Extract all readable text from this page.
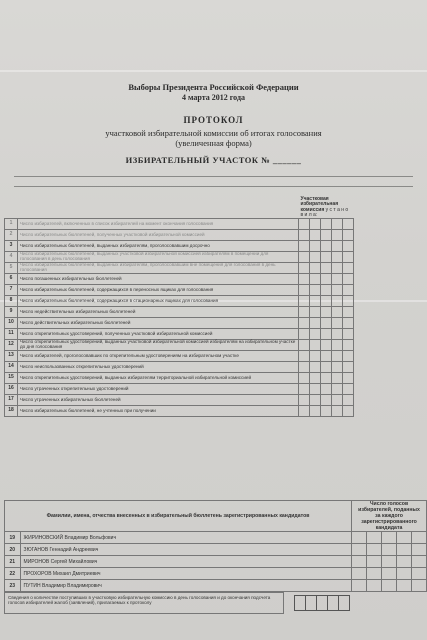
Выборы Президента Российской Федерации
4 марта 2012 года
ПРОТОКОЛ
участковой избирательной комиссии об итогах голосования
(увеличенная форма)
ИЗБИРАТЕЛЬНЫЙ УЧАСТОК № ______
		Участковая избирательная комиссия у с т а н о в и л а:				
1	Число избирателей, включенных в список избирателей на момент окончания голосования					
2	Число избирательных бюллетеней, полученных участковой избирательной комиссией					
3	Число избирательных бюллетеней, выданных избирателям, проголосовавшим досрочно					
4	Число избирательных бюллетеней, выданных участковой избирательной комиссией избирателям в помещении для голосования в день голосования					
5	Число избирательных бюллетеней, выданных избирателям, проголосовавшим вне помещения для голосования в день голосования					
6	Число погашенных избирательных бюллетеней					
7	Число избирательных бюллетеней, содержащихся в переносных ящиках для голосования					
8	Число избирательных бюллетеней, содержащихся в стационарных ящиках для голосования					
9	Число недействительных избирательных бюллетеней					
10	Число действительных избирательных бюллетеней					
11	Число открепительных удостоверений, полученных участковой избирательной комиссией					
12	Число открепительных удостоверений, выданных участковой избирательной комиссией избирателям на избирательном участке до дня голосования					
13	Число избирателей, проголосовавших по открепительным удостоверениям на избирательном участке					
14	Число неиспользованных открепительных удостоверений					
15	Число открепительных удостоверений, выданных избирателям территориальной избирательной комиссией					
16	Число утраченных открепительных удостоверений					
17	Число утраченных избирательных бюллетеней					
18	Число избирательных бюллетеней, не учтенных при получении					
Фамилии, имена, отчества внесенных в избирательный бюллетень зарегистрированных кандидатов		Число голосов избирателей, поданных за каждого зарегистрированного кандидата				
19	ЖИРИНОВСКИЙ Владимир Вольфович					
20	ЗЮГАНОВ Геннадий Андреевич					
21	МИРОНОВ Сергей Михайлович					
22	ПРОХОРОВ Михаил Дмитриевич					
23	ПУТИН Владимир Владимирович					
Сведения о количестве поступивших в участковую избирательную комиссию в день голосования и до окончания подсчета голосов избирателей жалоб (заявлений), прилагаемых к протоколу
